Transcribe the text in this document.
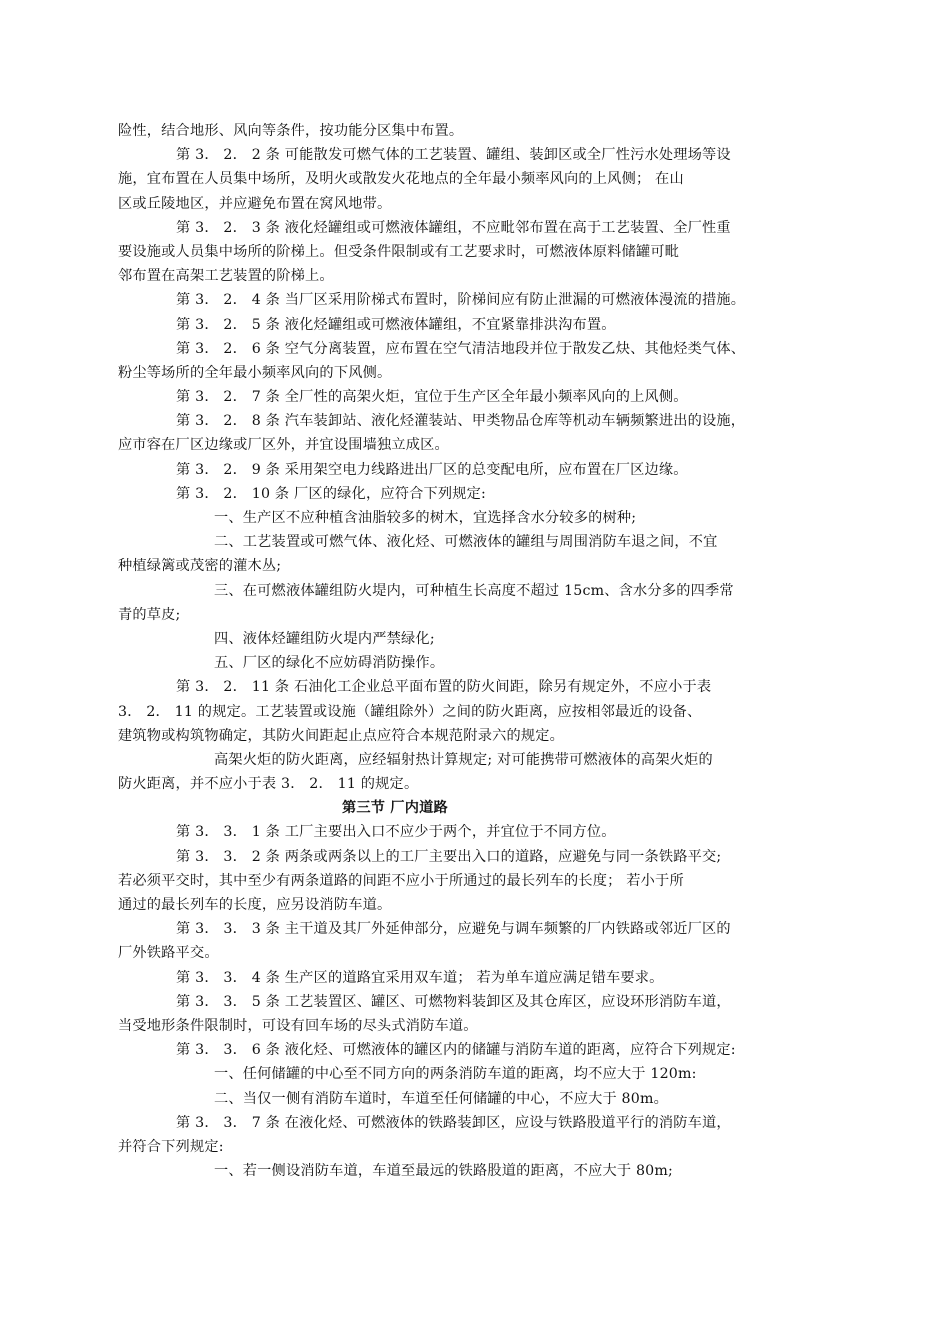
险性，结合地形、风向等条件，按功能分区集中布置。
第 3． 2． 2 条 可能散发可燃气体的工艺装置、罐组、装卸区或全厂性污水处理场等设
施，宜布置在人员集中场所，及明火或散发火花地点的全年最小频率风向的上风侧； 在山
区或丘陵地区，并应避免布置在窝风地带。
第 3． 2． 3 条 液化烃罐组或可燃液体罐组，不应毗邻布置在高于工艺装置、全厂性重
要设施或人员集中场所的阶梯上。但受条件限制或有工艺要求时，可燃液体原料储罐可毗
邻布置在高架工艺装置的阶梯上。
第 3． 2． 4 条 当厂区采用阶梯式布置时，阶梯间应有防止泄漏的可燃液体漫流的措施。
第 3． 2． 5 条 液化烃罐组或可燃液体罐组，不宜紧靠排洪沟布置。
第 3． 2． 6 条 空气分离装置，应布置在空气清洁地段并位于散发乙炔、其他烃类气体、
粉尘等场所的全年最小频率风向的下风侧。
第 3． 2． 7 条 全厂性的高架火炬，宜位于生产区全年最小频率风向的上风侧。
第 3． 2． 8 条 汽车装卸站、液化烃灌装站、甲类物品仓库等机动车辆频繁进出的设施，
应市容在厂区边缘或厂区外，并宜设围墙独立成区。
第 3． 2． 9 条 采用架空电力线路进出厂区的总变配电所，应布置在厂区边缘。
第 3． 2． 10 条 厂区的绿化，应符合下列规定:
一、生产区不应种植含油脂较多的树木，宜选择含水分较多的树种;
二、工艺装置或可燃气体、液化烃、可燃液体的罐组与周围消防车退之间，不宜
种植绿篱或茂密的灌木丛;
三、在可燃液体罐组防火堤内，可种植生长高度不超过 15cm、含水分多的四季常
青的草皮;
四、液体烃罐组防火堤内严禁绿化;
五、厂区的绿化不应妨碍消防操作。
第 3． 2． 11 条 石油化工企业总平面布置的防火间距，除另有规定外，不应小于表
3． 2． 11 的规定。工艺装置或设施（罐组除外）之间的防火距离，应按相邻最近的设备、
建筑物或构筑物确定，其防火间距起止点应符合本规范附录六的规定。
高架火炬的防火距离，应经辐射热计算规定; 对可能携带可燃液体的高架火炬的
防火距离，并不应小于表 3． 2． 11 的规定。
第三节 厂内道路
第 3． 3． 1 条 工厂主要出入口不应少于两个，并宜位于不同方位。
第 3． 3． 2 条 两条或两条以上的工厂主要出入口的道路，应避免与同一条铁路平交;
若必须平交时，其中至少有两条道路的间距不应小于所通过的最长列车的长度； 若小于所
通过的最长列车的长度，应另设消防车道。
第 3． 3． 3 条 主干道及其厂外延伸部分，应避免与调车频繁的厂内铁路或邻近厂区的
厂外铁路平交。
第 3． 3． 4 条 生产区的道路宜采用双车道； 若为单车道应满足错车要求。
第 3． 3． 5 条 工艺装置区、罐区、可燃物料装卸区及其仓库区，应设环形消防车道，
当受地形条件限制时，可设有回车场的尽头式消防车道。
第 3． 3． 6 条 液化烃、可燃液体的罐区内的储罐与消防车道的距离，应符合下列规定:
一、任何储罐的中心至不同方向的两条消防车道的距离，均不应大于 120m:
二、当仅一侧有消防车道时，车道至任何储罐的中心，不应大于 80m。
第 3． 3． 7 条 在液化烃、可燃液体的铁路装卸区，应设与铁路股道平行的消防车道，
并符合下列规定:
一、若一侧设消防车道，车道至最远的铁路股道的距离，不应大于 80m;
